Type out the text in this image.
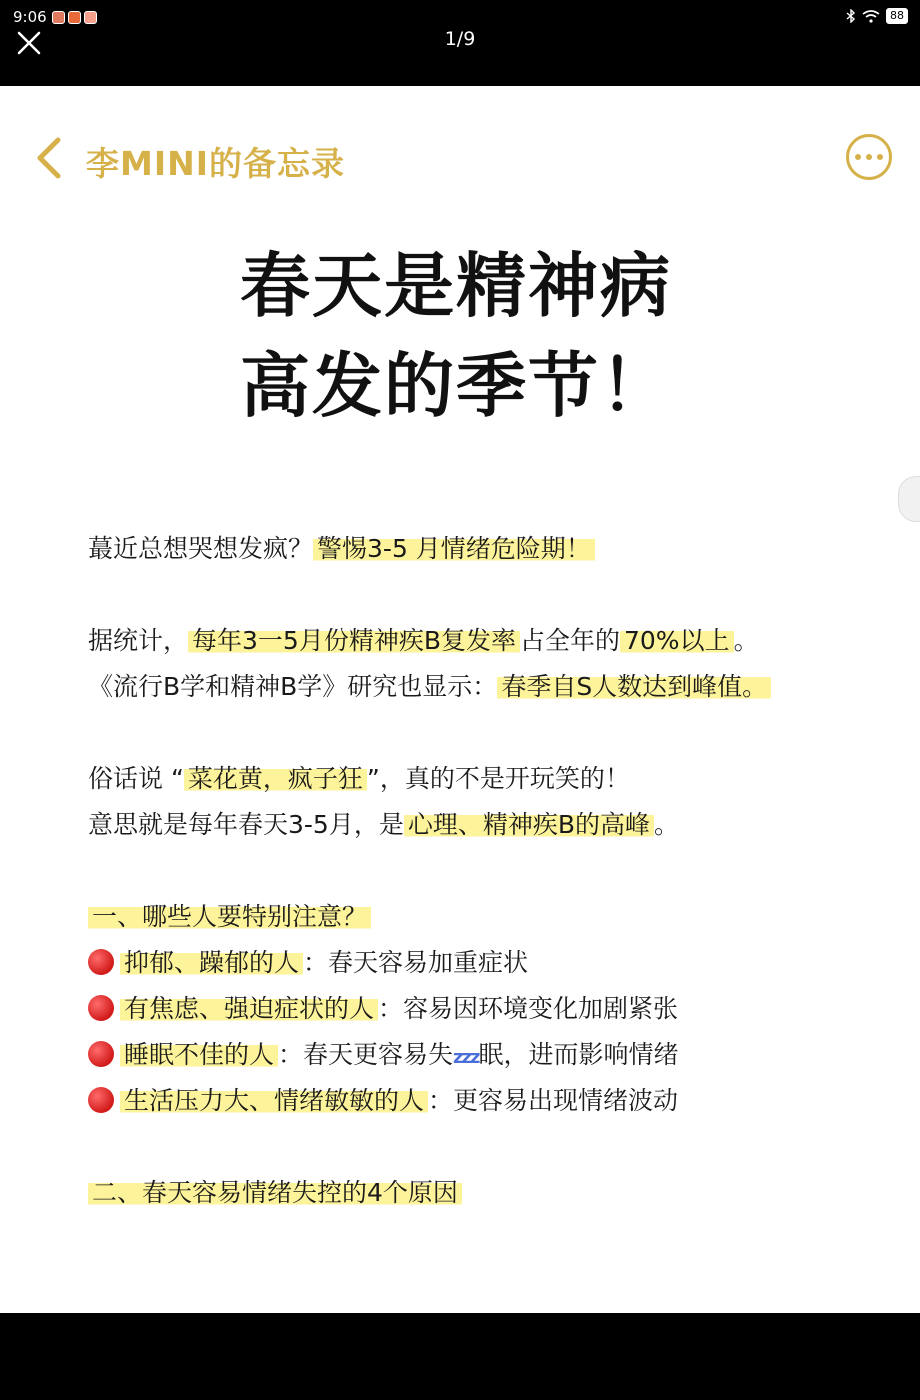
9:06	88
1/9
李MINI的备忘录
春天是精神病
高发的季节！
蕞近总想哭想发疯？ 警惕3-5 月情绪危险期！
据统计， 每年3一5月份精神疾B复发率 占全年的 70%以上 。
《流行B学和精神B学》研究也显示： 春季自S人数达到峰值。
俗话说 “ 菜花黄，疯子狂 ”，真的不是开玩笑的！
意思就是每年春天3-5月，是 心理、精神疾B的高峰 。
一、哪些人要特别注意？
抑郁、躁郁的人 ：春天容易加重症状
有焦虑、强迫症状的人 ：容易因环境变化加剧紧张
睡眠不佳的人 ：春天更容易失zzz眠，进而影响情绪
生活压力大、情绪敏敏的人 ：更容易出现情绪波动
二、春天容易情绪失控的4个原因
